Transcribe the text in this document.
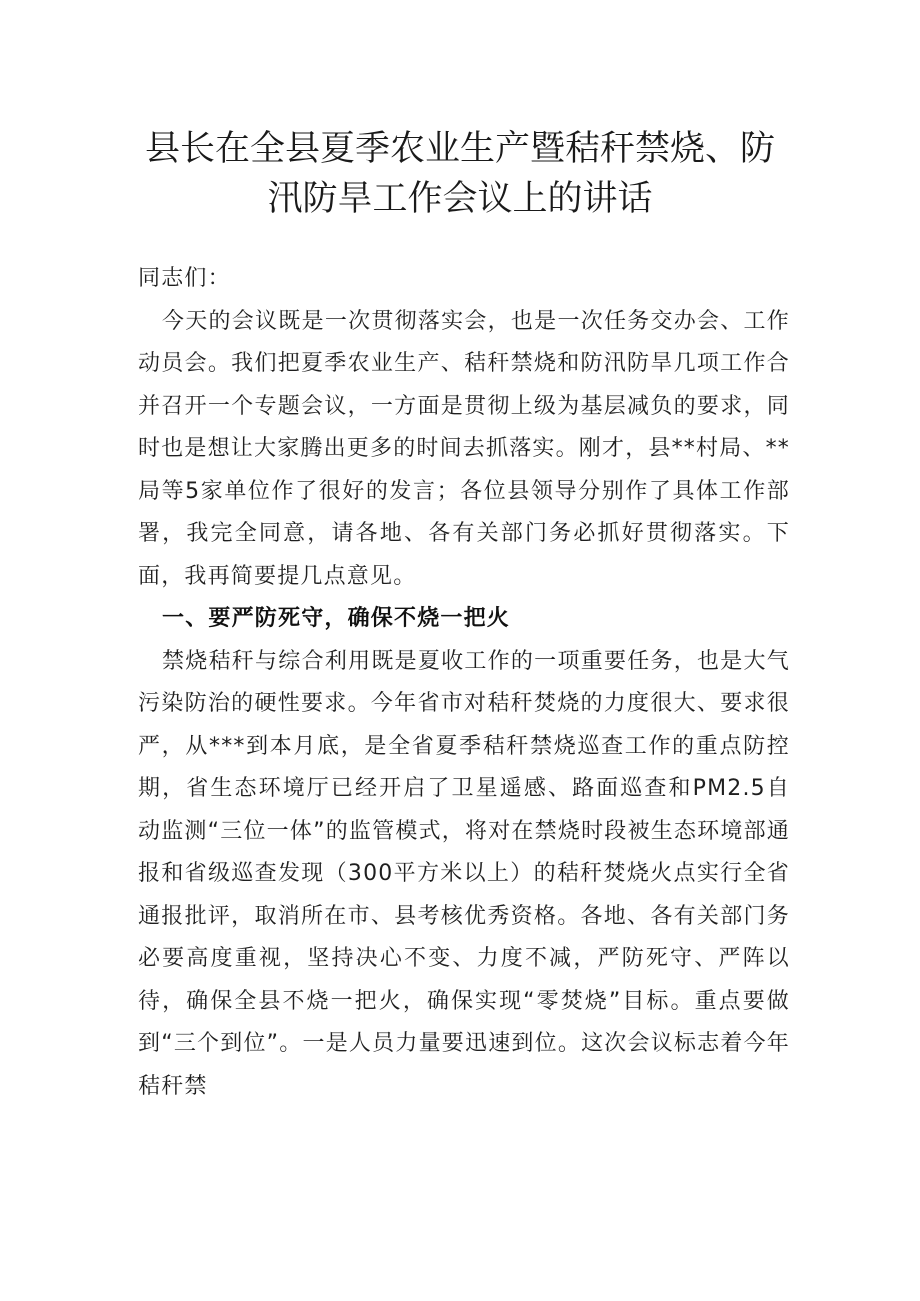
县长在全县夏季农业生产暨秸秆禁烧、防
汛防旱工作会议上的讲话

同志们：

今天的会议既是一次贯彻落实会，也是一次任务交办会、工作动员会。我们把夏季农业生产、秸秆禁烧和防汛防旱几项工作合并召开一个专题会议，一方面是贯彻上级为基层减负的要求，同时也是想让大家腾出更多的时间去抓落实。刚才，县**村局、**局等5家单位作了很好的发言；各位县领导分别作了具体工作部署，我完全同意，请各地、各有关部门务必抓好贯彻落实。下面，我再简要提几点意见。

一、要严防死守，确保不烧一把火

禁烧秸秆与综合利用既是夏收工作的一项重要任务，也是大气污染防治的硬性要求。今年省市对秸秆焚烧的力度很大、要求很严，从***到本月底，是全省夏季秸秆禁烧巡查工作的重点防控期，省生态环境厅已经开启了卫星遥感、路面巡查和PM2.5自动监测“三位一体”的监管模式，将对在禁烧时段被生态环境部通报和省级巡查发现（300平方米以上）的秸秆焚烧火点实行全省通报批评，取消所在市、县考核优秀资格。各地、各有关部门务必要高度重视，坚持决心不变、力度不减，严防死守、严阵以待，确保全县不烧一把火，确保实现“零焚烧”目标。重点要做到“三个到位”。一是人员力量要迅速到位。这次会议标志着今年秸秆禁
